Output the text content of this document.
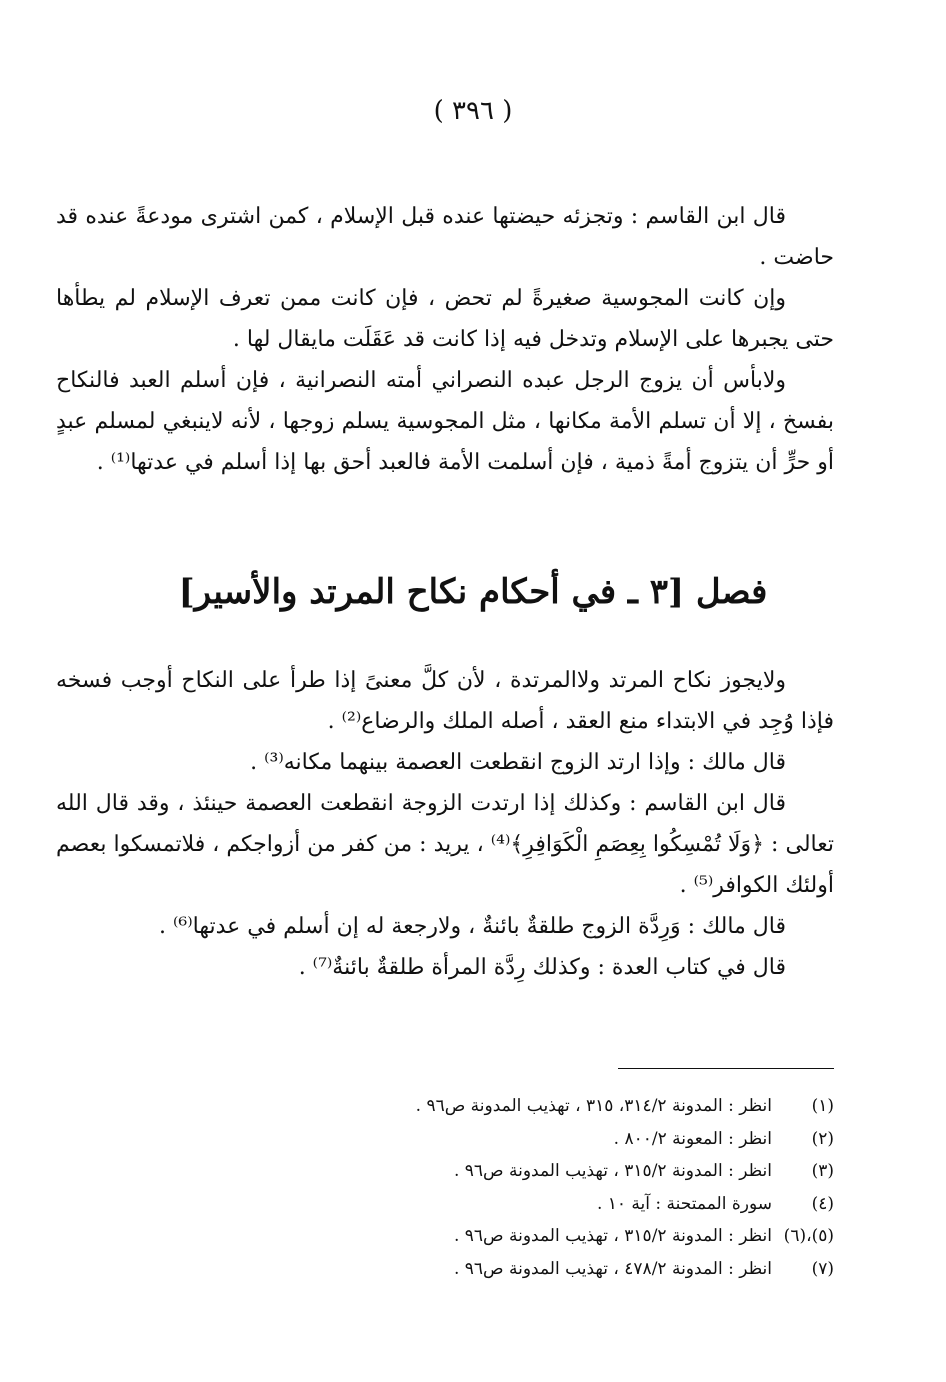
( ٣٩٦ )

قال ابن القاسم : وتجزئه حيضتها عنده قبل الإسلام ، كمن اشترى مودعةً عنده قد حاضت .

وإن كانت المجوسية صغيرةً لم تحض ، فإن كانت ممن تعرف الإسلام لم يطأها حتى يجبرها على الإسلام وتدخل فيه إذا كانت قد عَقَلَت مايقال لها .

ولابأس أن يزوج الرجل عبده النصراني أمته النصرانية ، فإن أسلم العبد فالنكاح بفسخ ، إلا أن تسلم الأمة مكانها ، مثل المجوسية يسلم زوجها ، لأنه لاينبغي لمسلم عبدٍ أو حرٍّ أن يتزوج أمةً ذمية ، فإن أسلمت الأمة فالعبد أحق بها إذا أسلم في عدتها⁽¹⁾ .

فصل [٣ ـ في أحكام نكاح المرتد والأسير]

ولايجوز نكاح المرتد ولاالمرتدة ، لأن كلَّ معنىً إذا طرأ على النكاح أوجب فسخه فإذا وُجِد في الابتداء منع العقد ، أصله الملك والرضاع⁽²⁾ .

قال مالك : وإذا ارتد الزوج انقطعت العصمة بينهما مكانه⁽³⁾ .

قال ابن القاسم : وكذلك إذا ارتدت الزوجة انقطعت العصمة حينئذ ، وقد قال الله تعالى : ﴿وَلَا تُمْسِكُوا بِعِصَمِ الْكَوَافِرِ﴾⁽⁴⁾ ، يريد : من كفر من أزواجكم ، فلاتمسكوا بعصم أولئك الكوافر⁽⁵⁾ .

قال مالك : وَرِدَّة الزوج طلقةٌ بائنةٌ ، ولارجعة له إن أسلم في عدتها⁽⁶⁾ .

قال في كتاب العدة : وكذلك رِدَّة المرأة طلقةٌ بائنةٌ⁽⁷⁾ .

(١)
انظر : المدونة ٣١٤/٢، ٣١٥ ، تهذيب المدونة ص٩٦ .
(٢)
انظر : المعونة ٨٠٠/٢ .
(٣)
انظر : المدونة ٣١٥/٢ ، تهذيب المدونة ص٩٦ .
(٤)
سورة الممتحنة : آية ١٠ .
(٥)،(٦)
انظر : المدونة ٣١٥/٢ ، تهذيب المدونة ص٩٦ .
(٧)
انظر : المدونة ٤٧٨/٢ ، تهذيب المدونة ص٩٦ .
